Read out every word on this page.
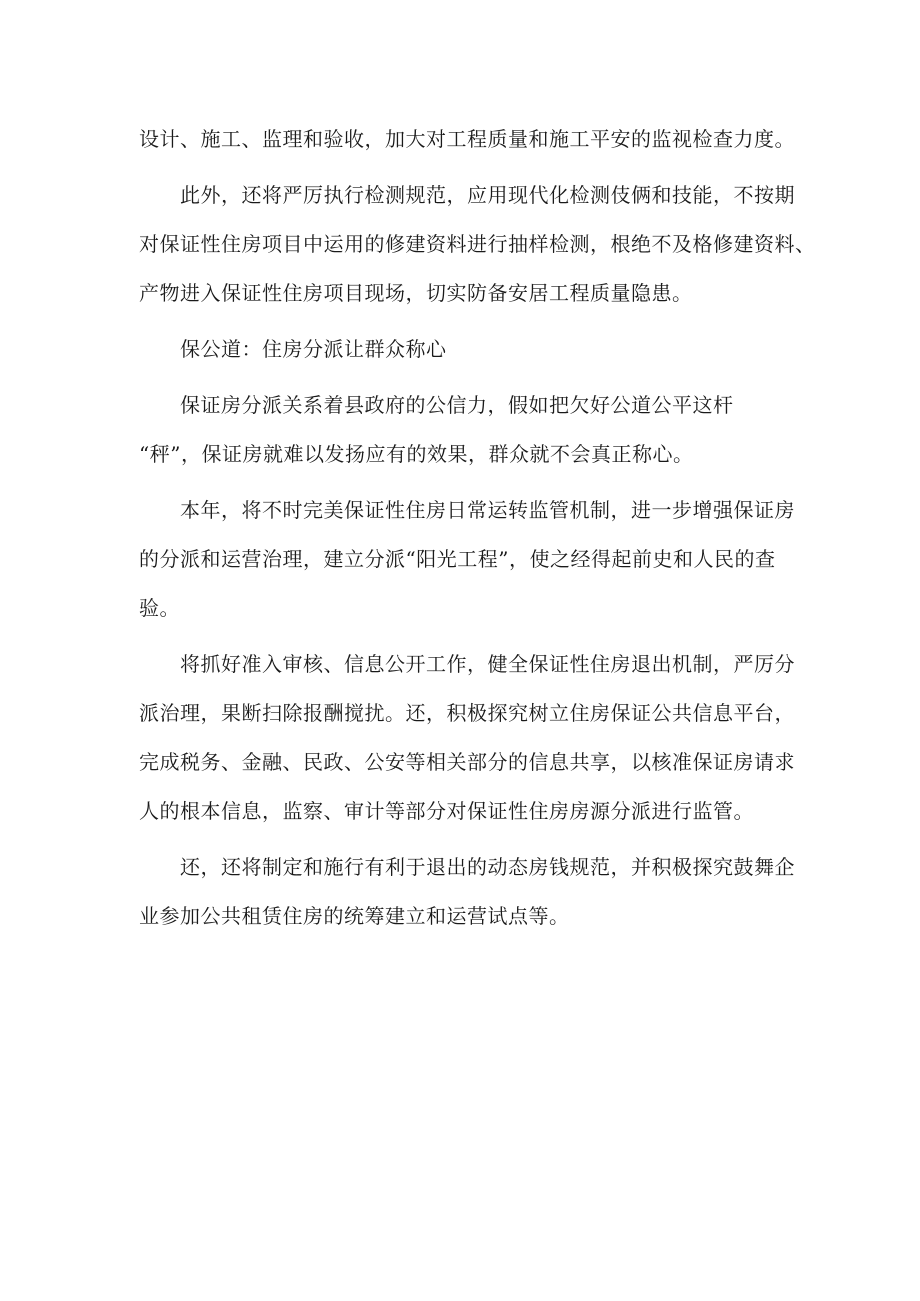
设计、施工、监理和验收，加大对工程质量和施工平安的监视检查力度。
此外，还将严厉执行检测规范，应用现代化检测伎俩和技能，不按期
对保证性住房项目中运用的修建资料进行抽样检测，根绝不及格修建资料、
产物进入保证性住房项目现场，切实防备安居工程质量隐患。
保公道：住房分派让群众称心
保证房分派关系着县政府的公信力，假如把欠好公道公平这杆
“秤”，保证房就难以发扬应有的效果，群众就不会真正称心。
本年，将不时完美保证性住房日常运转监管机制，进一步增强保证房
的分派和运营治理，建立分派“阳光工程”，使之经得起前史和人民的查
验。
将抓好准入审核、信息公开工作，健全保证性住房退出机制，严厉分
派治理，果断扫除报酬搅扰。还，积极探究树立住房保证公共信息平台，
完成税务、金融、民政、公安等相关部分的信息共享，以核准保证房请求
人的根本信息，监察、审计等部分对保证性住房房源分派进行监管。
还，还将制定和施行有利于退出的动态房钱规范，并积极探究鼓舞企
业参加公共租赁住房的统筹建立和运营试点等。
